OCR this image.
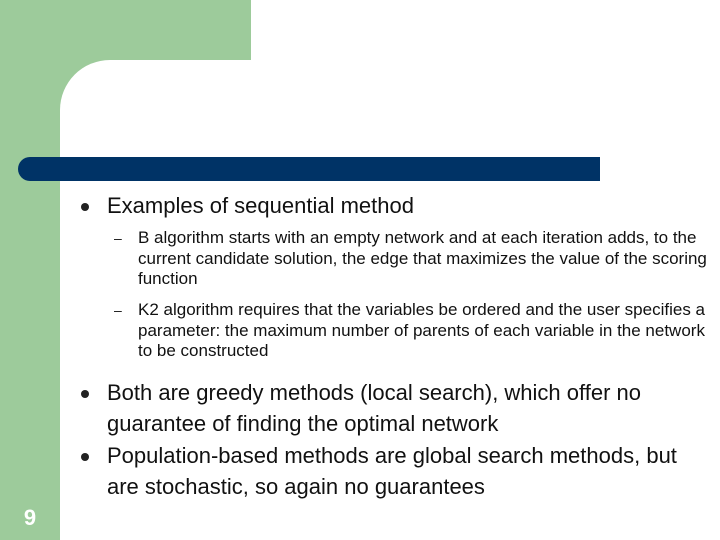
9
Examples of sequential method
– B algorithm starts with an empty network and at each iteration adds, to the current candidate solution, the edge that maximizes the value of the scoring function
– K2 algorithm requires that the variables be ordered and the user specifies a parameter: the maximum number of parents of each variable in the network to be constructed
Both are greedy methods (local search), which offer no guarantee of finding the optimal network
Population-based methods are global search methods, but are stochastic, so again no guarantees
